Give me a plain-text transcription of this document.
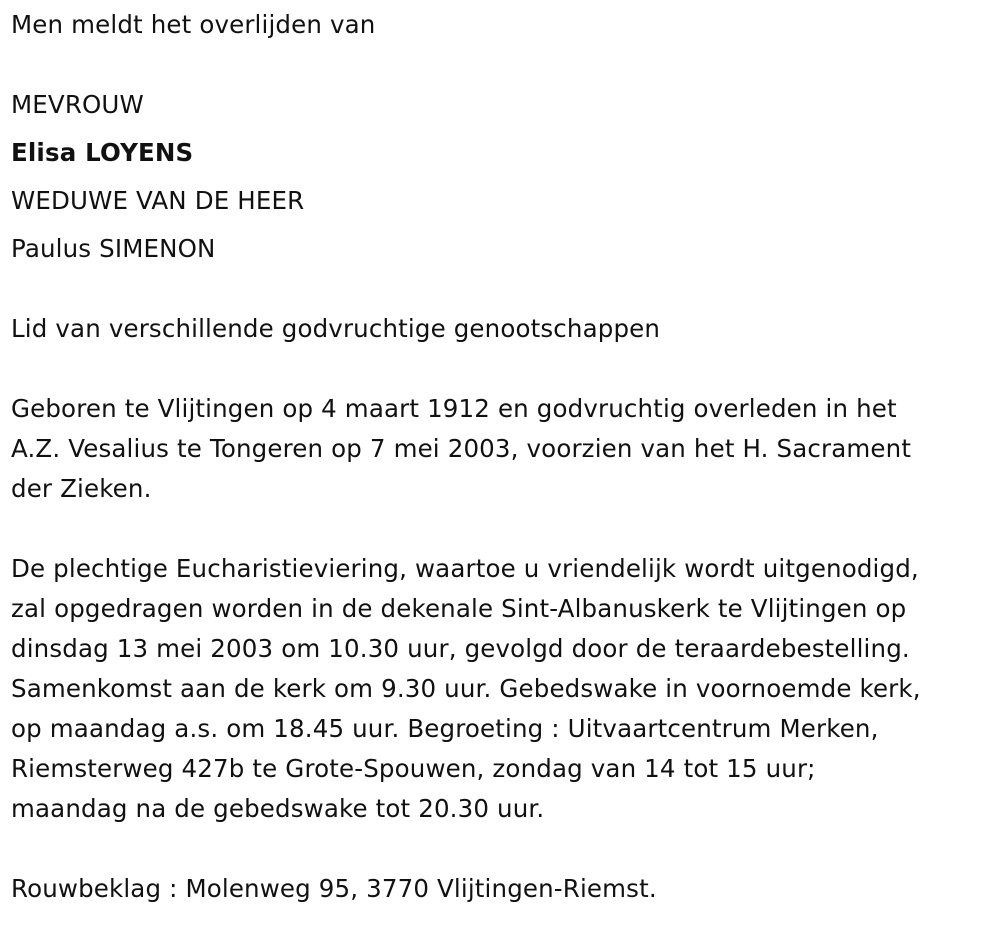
Men meldt het overlijden van

MEVROUW

Elisa LOYENS

WEDUWE VAN DE HEER

Paulus SIMENON

Lid van verschillende godvruchtige genootschappen

Geboren te Vlijtingen op 4 maart 1912 en godvruchtig overleden in het

A.Z. Vesalius te Tongeren op 7 mei 2003, voorzien van het H. Sacrament

der Zieken.

De plechtige Eucharistieviering, waartoe u vriendelijk wordt uitgenodigd,

zal opgedragen worden in de dekenale Sint-Albanuskerk te Vlijtingen op

dinsdag 13 mei 2003 om 10.30 uur, gevolgd door de teraardebestelling.

Samenkomst aan de kerk om 9.30 uur. Gebedswake in voornoemde kerk,

op maandag a.s. om 18.45 uur. Begroeting : Uitvaartcentrum Merken,

Riemsterweg 427b te Grote-Spouwen, zondag van 14 tot 15 uur;

maandag na de gebedswake tot 20.30 uur.

Rouwbeklag : Molenweg 95, 3770 Vlijtingen-Riemst.
